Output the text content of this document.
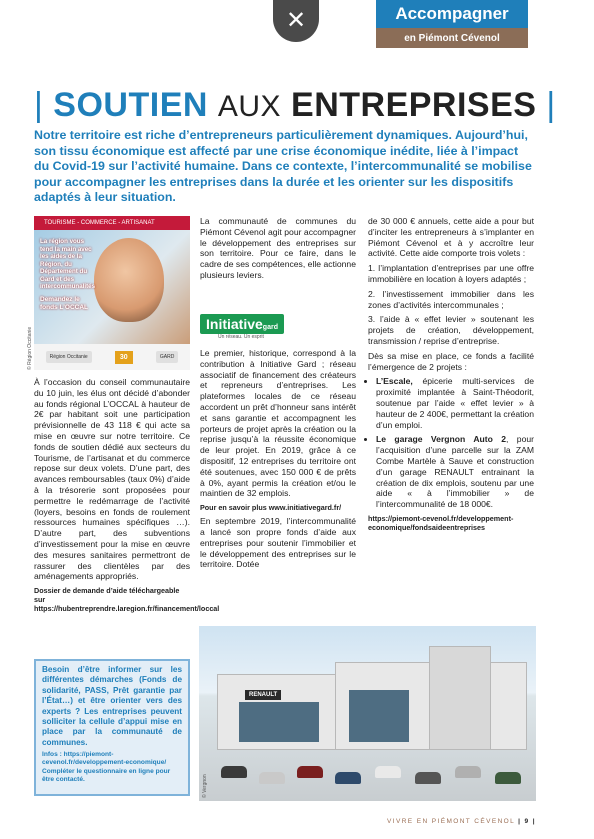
✕	Accompagner
en Piémont Cévenol
| SOUTIEN AUX ENTREPRISES |
Notre territoire est riche d’entrepreneurs particulièrement dynamiques. Aujourd’hui, son tissu économique est affecté par une crise économique inédite, liée à l’impact du Covid-19 sur l’activité humaine. Dans ce contexte, l’intercommunalité se mobilise pour accompagner les entreprises dans la durée et les orienter sur les dispositifs adaptés à leur situation.
TOURISME - COMMERCE - ARTISANAT
La région vous tend la main avec les aides de la Région, du Département du Gard et des intercommunalités
Demandez le fonds L’OCCAL
Région Occitanie	30	GARD
© Région Occitanie

À l’occasion du conseil communautaire du 10 juin, les élus ont décidé d’abonder au fonds régional L’OCCAL à hauteur de 2€ par habitant soit une participation prévisionnelle de 43 118 € qui acte sa mise en œuvre sur notre territoire. Ce fonds de soutien dédié aux secteurs du Tourisme, de l’artisanat et du commerce repose sur deux volets. D’une part, des avances remboursables (taux 0%) d’aide à la trésorerie sont proposées pour permettre le redémarrage de l’activité (loyers, besoins en fonds de roulement ressources humaines spécifiques …). D’autre part, des subventions d’investissement pour la mise en œuvre des mesures sanitaires permettront de rassurer des clientèles par des aménagements appropriés.

Dossier de demande d’aide téléchargeable sur https://hubentreprendre.laregion.fr/financement/loccal

Besoin d’être informer sur les différentes démarches (Fonds de solidarité, PASS, Prêt garantie par l’État…) et être orienter vers des experts ? Les entreprises peuvent solliciter la cellule d’appui mise en place par la communauté de communes.
Infos : https://piemont-cevenol.fr/developpement-economique/ Compléter le questionnaire en ligne pour être contacté.

La communauté de communes du Piémont Cévenol agit pour accompagner le développement des entreprises sur son territoire. Pour ce faire, dans le cadre de ses compétences, elle actionne plusieurs leviers.

Initiativegard
Un réseau. Un esprit

Le premier, historique, correspond à la contribution à Initiative Gard ; réseau associatif de financement des créateurs et repreneurs d’entreprises. Les plateformes locales de ce réseau accordent un prêt d’honneur sans intérêt et sans garantie et accompagnent les porteurs de projet après la création ou la reprise jusqu’à la réussite économique de leur projet. En 2019, grâce à ce dispositif, 12 entreprises du territoire ont été soutenues, avec 150 000 € de prêts à 0%, ayant permis la création et/ou le maintien de 32 emplois.

Pour en savoir plus www.initiativegard.fr/

En septembre 2019, l’intercommunalité a lancé son propre fonds d’aide aux entreprises pour soutenir l’immobilier et le développement des entreprises sur le territoire. Dotée

de 30 000 € annuels, cette aide a pour but d’inciter les entrepreneurs à s’implanter en Piémont Cévenol et à y accroître leur activité. Cette aide comporte trois volets :

1. l’implantation d’entreprises par une offre immobilière en location à loyers adaptés ;

2. l’investissement immobilier dans les zones d’activités intercommunales ;

3. l’aide à « effet levier » soutenant les projets de création, développement, transmission / reprise d’entreprise.

Dès sa mise en place, ce fonds a facilité l’émergence de 2 projets :

• L’Escale, épicerie multi-services de proximité implantée à Saint-Théodorit, soutenue par l’aide « effet levier » à hauteur de 2 400€, permettant la création d’un emploi.
• Le garage Vergnon Auto 2, pour l’acquisition d’une parcelle sur la ZAM Combe Martèle à Sauve et construction d’un garage RENAULT entrainant la création de dix emplois, soutenu par une aide « à l’immobilier » de l’intercommunalité de 18 000€.

https://piemont-cevenol.fr/developpement-economique/fondsaideentreprises

RENAULT
© Vergnon
VIVRE EN PIÉMONT CÉVENOL | 9 |
